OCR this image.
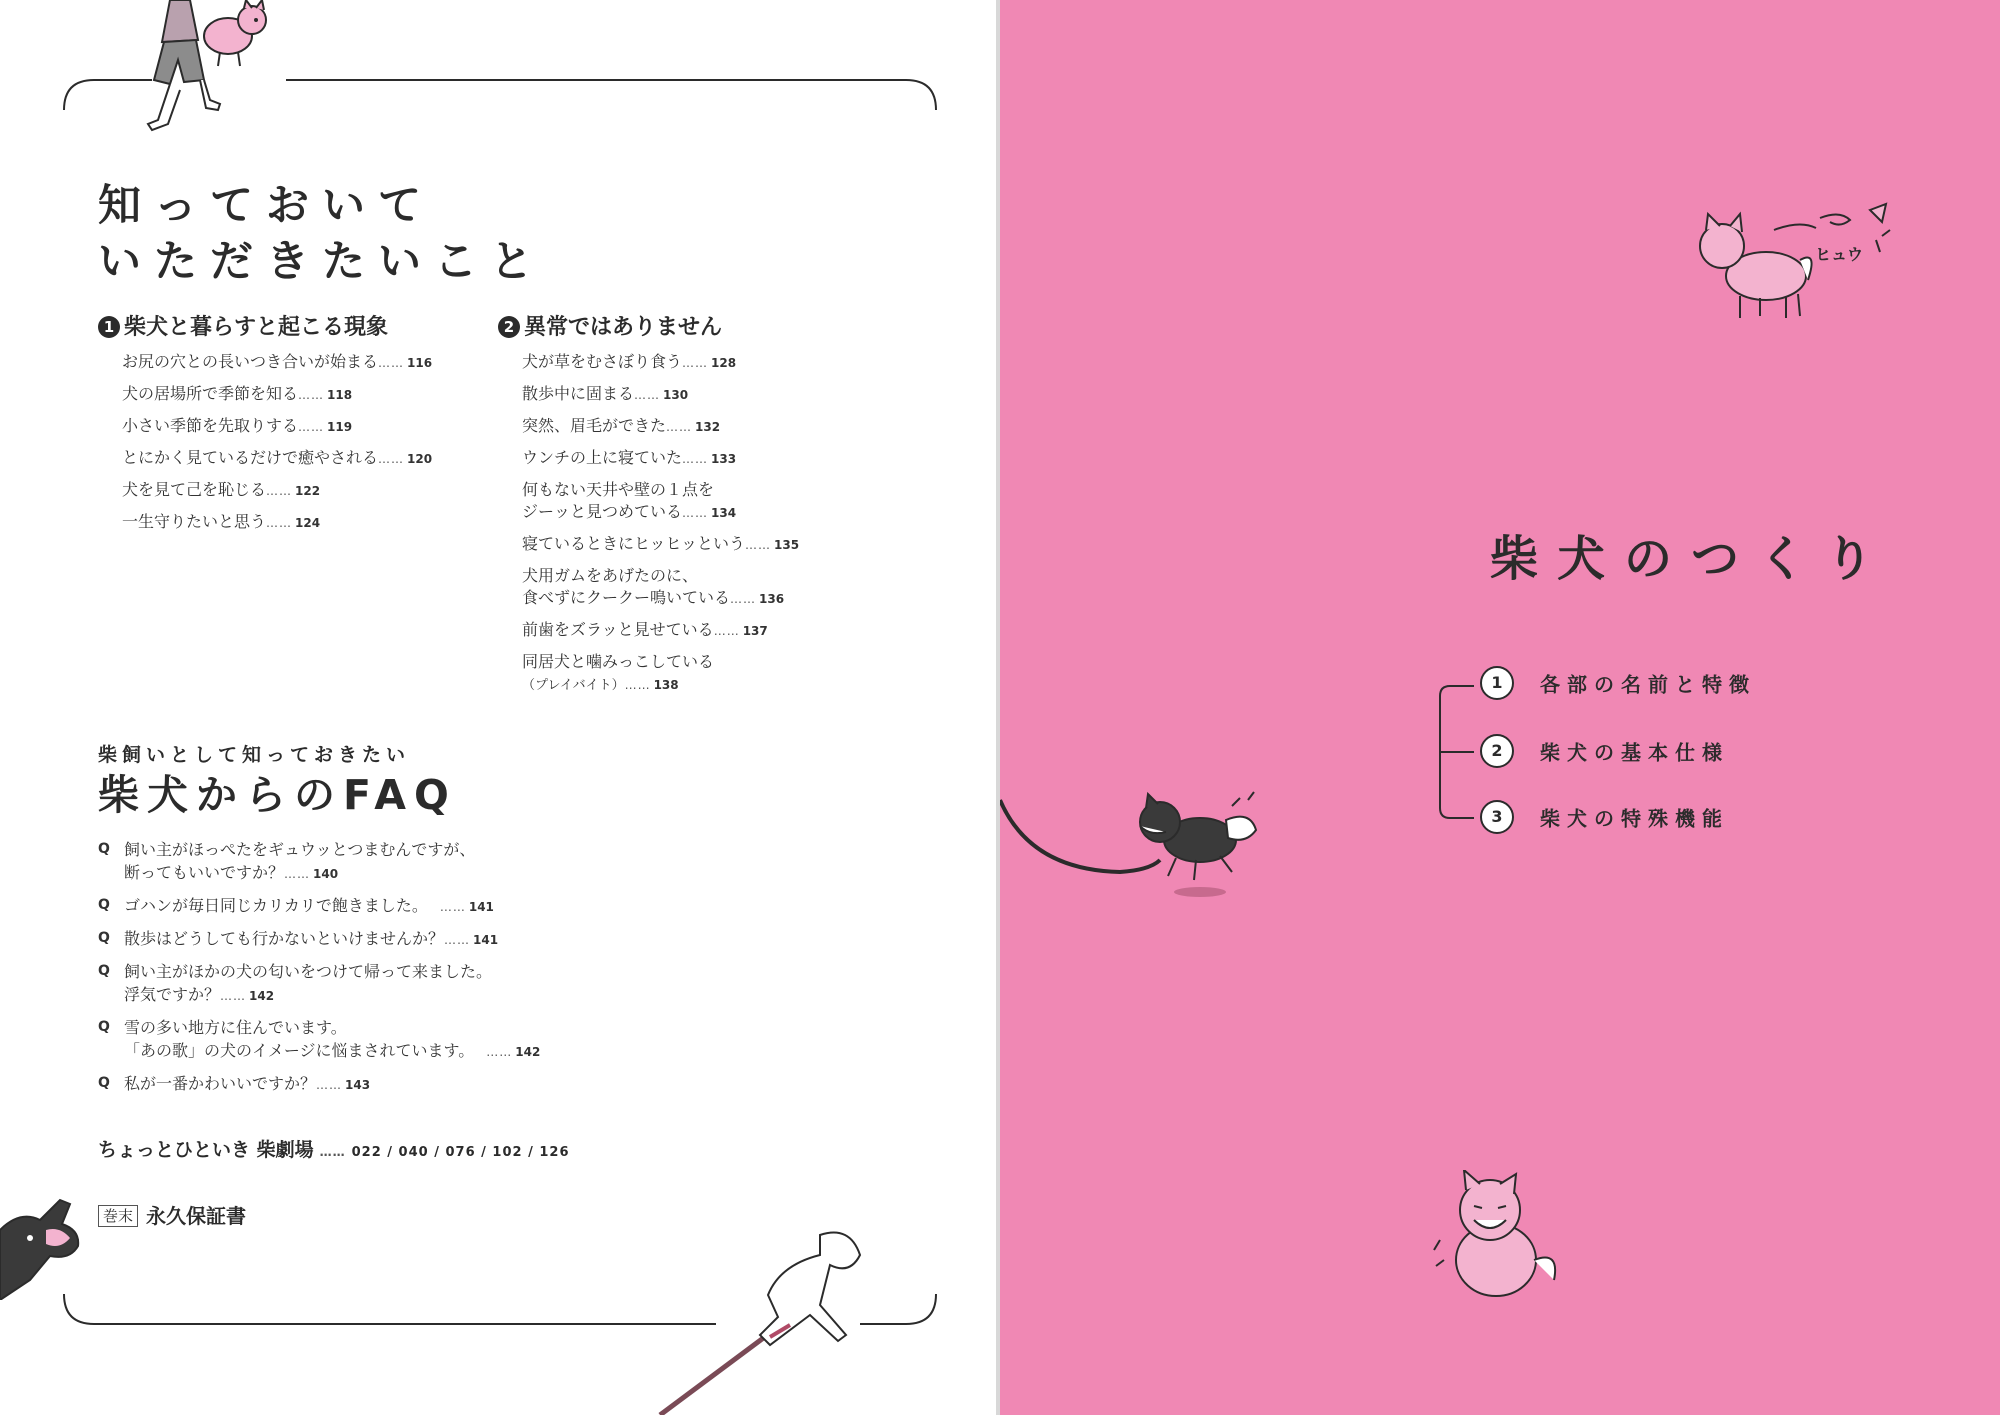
知っておいて
いただきたいこと
1 柴犬と暮らすと起こる現象
お尻の穴との長いつき合いが始まる…… 116
犬の居場所で季節を知る…… 118
小さい季節を先取りする…… 119
とにかく見ているだけで癒やされる…… 120
犬を見て己を恥じる…… 122
一生守りたいと思う…… 124
2 異常ではありません
犬が草をむさぼり食う…… 128
散歩中に固まる…… 130
突然、眉毛ができた…… 132
ウンチの上に寝ていた…… 133
何もない天井や壁の１点を
ジーッと見つめている…… 134
寝ているときにヒッヒッという…… 135
犬用ガムをあげたのに、
食べずにクークー鳴いている…… 136
前歯をズラッと見せている…… 137
同居犬と噛みっこしている
（プレイバイト）…… 138
柴飼いとして知っておきたい
柴犬からのFAQ
Q 飼い主がほっぺたをギュウッとつまむんですが、
断ってもいいですか？…… 140
Q ゴハンが毎日同じカリカリで飽きました。 …… 141
Q 散歩はどうしても行かないといけませんか？…… 141
Q 飼い主がほかの犬の匂いをつけて帰って来ました。
浮気ですか？…… 142
Q 雪の多い地方に住んでいます。
「あの歌」の犬のイメージに悩まされています。 …… 142
Q 私が一番かわいいですか？…… 143
ちょっとひといき 柴劇場 …… 022 / 040 / 076 / 102 / 126
巻末 永久保証書
ヒュウ
柴犬のつくり
1 各部の名前と特徴
2 柴犬の基本仕様
3 柴犬の特殊機能
